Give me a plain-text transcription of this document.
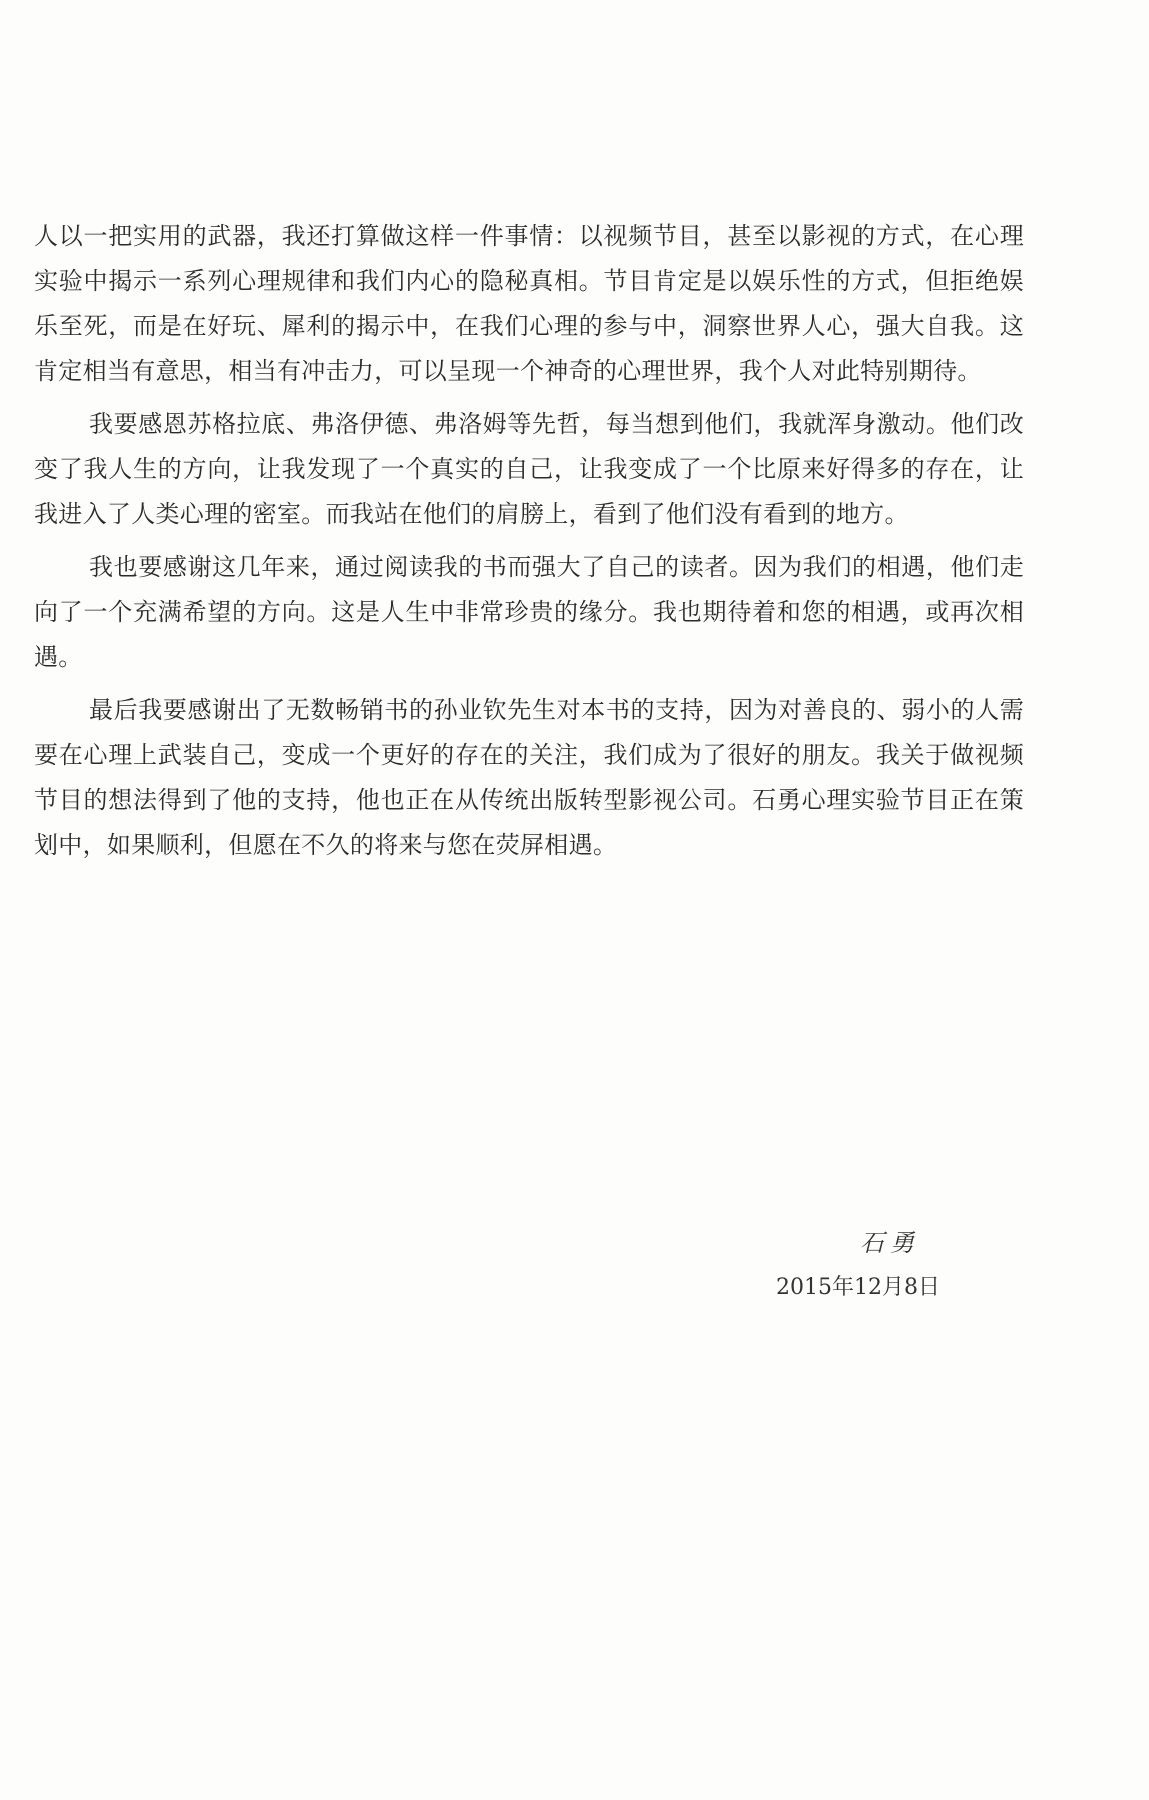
人以一把实用的武器，我还打算做这样一件事情：以视频节目，甚至以影视的方式，在心理实验中揭示一系列心理规律和我们内心的隐秘真相。节目肯定是以娱乐性的方式，但拒绝娱乐至死，而是在好玩、犀利的揭示中，在我们心理的参与中，洞察世界人心，强大自我。这肯定相当有意思，相当有冲击力，可以呈现一个神奇的心理世界，我个人对此特别期待。

我要感恩苏格拉底、弗洛伊德、弗洛姆等先哲，每当想到他们，我就浑身激动。他们改变了我人生的方向，让我发现了一个真实的自己，让我变成了一个比原来好得多的存在，让我进入了人类心理的密室。而我站在他们的肩膀上，看到了他们没有看到的地方。

我也要感谢这几年来，通过阅读我的书而强大了自己的读者。因为我们的相遇，他们走向了一个充满希望的方向。这是人生中非常珍贵的缘分。我也期待着和您的相遇，或再次相遇。

最后我要感谢出了无数畅销书的孙业钦先生对本书的支持，因为对善良的、弱小的人需要在心理上武装自己，变成一个更好的存在的关注，我们成为了很好的朋友。我关于做视频节目的想法得到了他的支持，他也正在从传统出版转型影视公司。石勇心理实验节目正在策划中，如果顺利，但愿在不久的将来与您在荧屏相遇。

石勇
2015年12月8日
